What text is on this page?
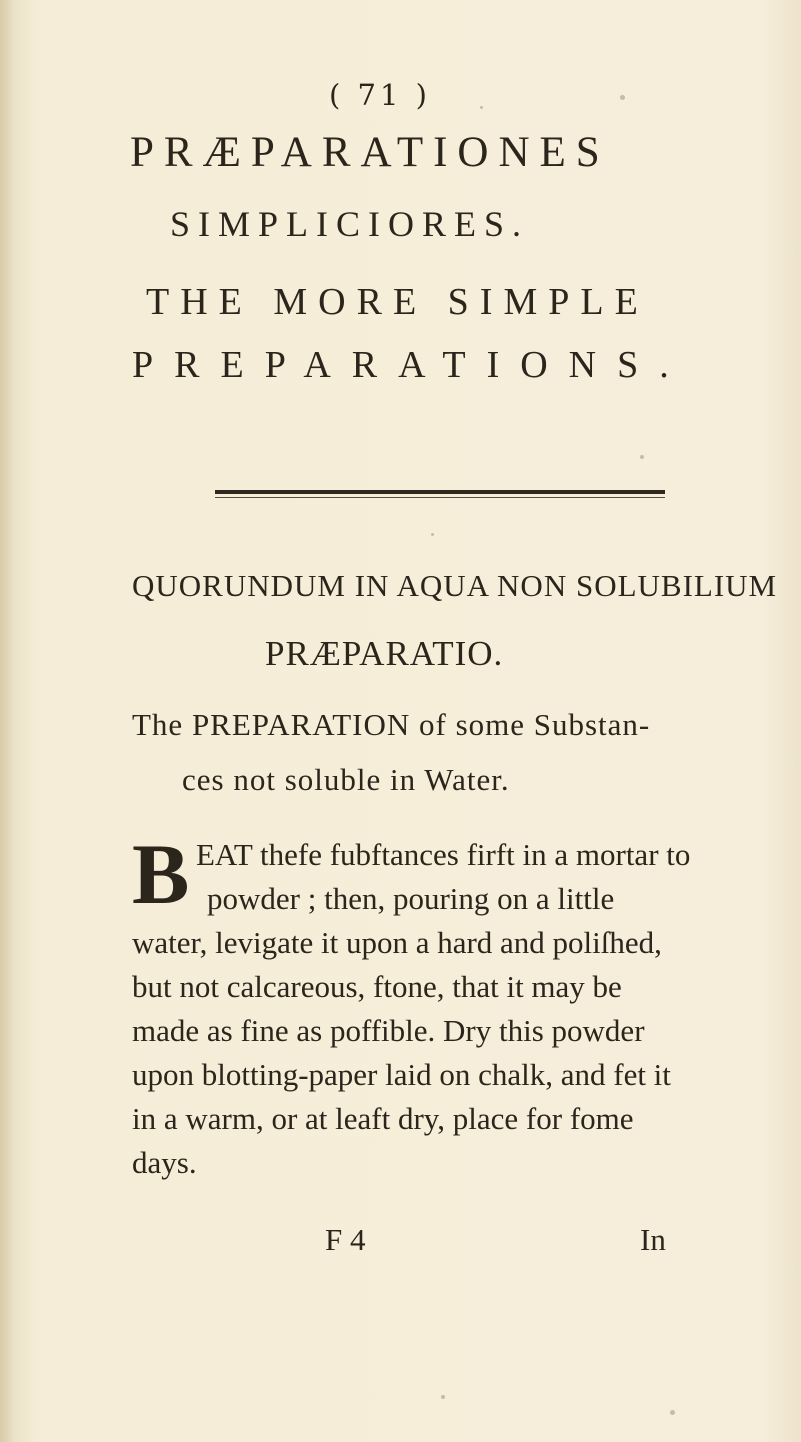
( 71 )
PRÆPARATIONES
SIMPLICIORES.
THE MORE SIMPLE
PREPARATIONS.
QUORUNDUM IN AQUA NON SOLUBILIUM
PRÆPARATIO.
The PREPARATION of some Substan-
ces not soluble in Water.
B EAT thefe fubftances firft in a mortar to
powder ; then, pouring on a little
water, levigate it upon a hard and poliſhed,
but not calcareous, ftone, that it may be
made as fine as poffible. Dry this powder
upon blotting-paper laid on chalk, and fet it
in a warm, or at leaft dry, place for fome
days.
F 4	In
